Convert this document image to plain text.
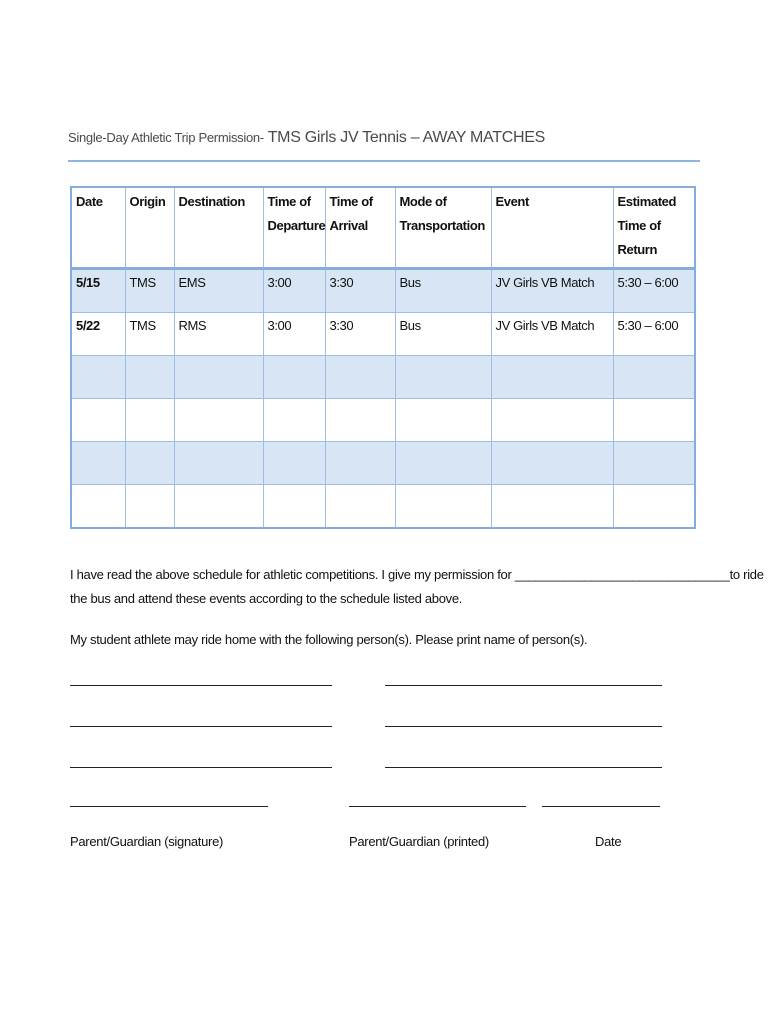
Single-Day Athletic Trip Permission- TMS Girls JV Tennis – AWAY MATCHES
Date	Origin	Destination	Time of Departure	Time of Arrival	Mode of Transportation	Event	Estimated Time of Return
5/15	TMS	EMS	3:00	3:30	Bus	JV Girls VB Match	5:30 – 6:00
5/22	TMS	RMS	3:00	3:30	Bus	JV Girls VB Match	5:30 – 6:00

I have read the above schedule for athletic competitions. I give my permission for _______________________________to ride
the bus and attend these events according to the schedule listed above.
My student athlete may ride home with the following person(s). Please print name of person(s).
Parent/Guardian (signature)	Parent/Guardian (printed)	Date
